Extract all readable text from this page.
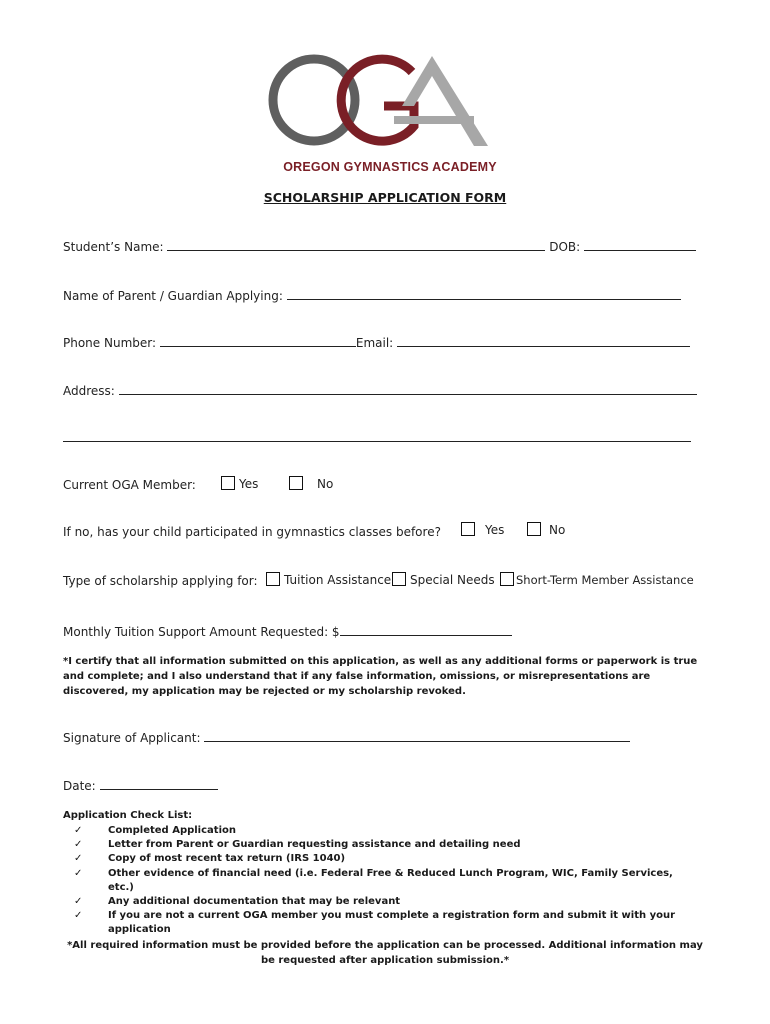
OREGON GYMNASTICS ACADEMY
SCHOLARSHIP APPLICATION FORM
Student’s Name:	DOB:
Name of Parent / Guardian Applying:
Phone Number:	Email:
Address:
Current OGA Member:	Yes	No
If no, has your child participated in gymnastics classes before?	Yes	No
Type of scholarship applying for:	Tuition Assistance	Special Needs	Short-Term Member Assistance
Monthly Tuition Support Amount Requested: $
*I certify that all information submitted on this application, as well as any additional forms or paperwork is true and complete; and I also understand that if any false information, omissions, or misrepresentations are discovered, my application may be rejected or my scholarship revoked.
Signature of Applicant:
Date:
Application Check List:
✓	Completed Application
✓	Letter from Parent or Guardian requesting assistance and detailing need
✓	Copy of most recent tax return (IRS 1040)
✓	Other evidence of financial need (i.e. Federal Free & Reduced Lunch Program, WIC, Family Services, etc.)
✓	Any additional documentation that may be relevant
✓	If you are not a current OGA member you must complete a registration form and submit it with your application
*All required information must be provided before the application can be processed. Additional information may be requested after application submission.*
